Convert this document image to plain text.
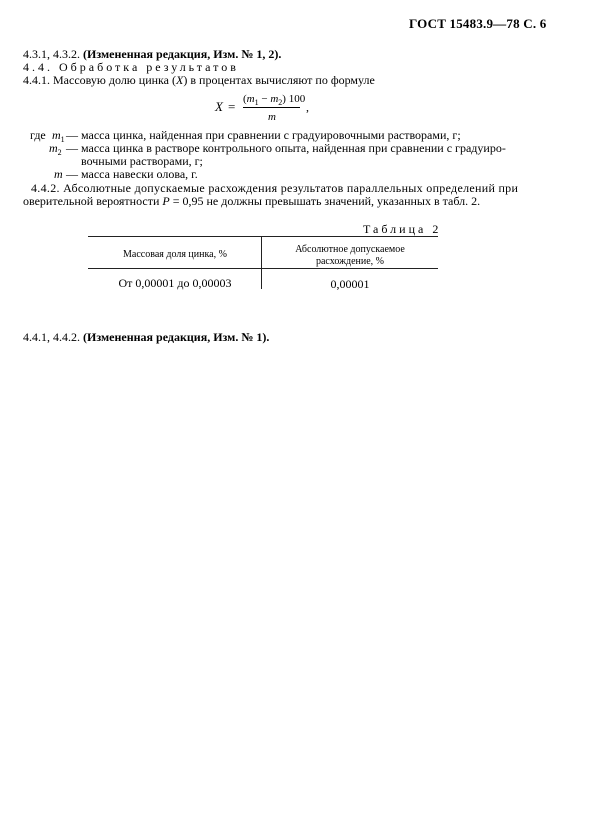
ГОСТ 15483.9—78 С. 6
4.3.1, 4.3.2. (Измененная редакция, Изм. № 1, 2).
4.4. Обработка результатов
4.4.1. Массовую долю цинка (X) в процентах вычисляют по формуле
$X = (m_1 - m_2)$ 100
m
,
где $m_1$ — масса цинка, найденная при сравнении с градуировочными растворами, г;
$m_2$ — масса цинка в растворе контрольного опыта, найденная при сравнении с градуиро-
вочными растворами, г;
m — масса навески олова, г.
4.4.2. Абсолютные допускаемые расхождения результатов параллельных определений при
оверительной вероятности P = 0,95 не должны превышать значений, указанных в табл. 2.
Таблица 2
Массовая доля цинка, %	Абсолютное допускаемое расхождение, %
От 0,00001 до 0,00003	0,00001
4.4.1, 4.4.2. (Измененная редакция, Изм. № 1).
